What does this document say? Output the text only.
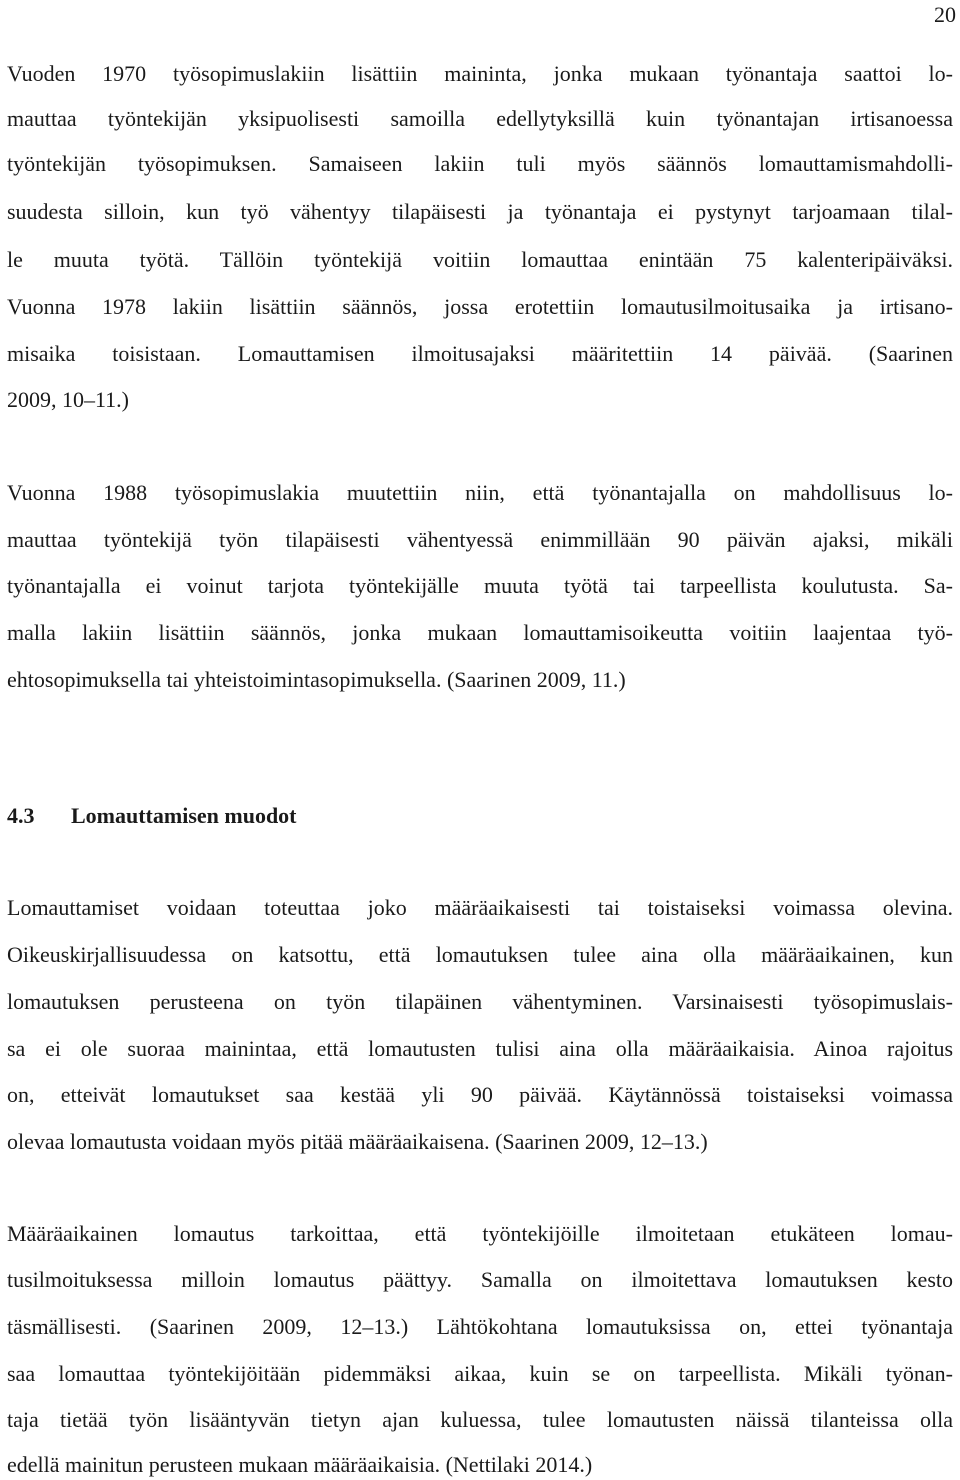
20
Vuoden 1970 työsopimuslakiin lisättiin maininta, jonka mukaan työnantaja saattoi lo-
mauttaa työntekijän yksipuolisesti samoilla edellytyksillä kuin työnantajan irtisanoessa
työntekijän työsopimuksen. Samaiseen lakiin tuli myös säännös lomauttamismahdolli-
suudesta silloin, kun työ vähentyy tilapäisesti ja työnantaja ei pystynyt tarjoamaan tilal-
le muuta työtä. Tällöin työntekijä voitiin lomauttaa enintään 75 kalenteripäiväksi.
Vuonna 1978 lakiin lisättiin säännös, jossa erotettiin lomautusilmoitusaika ja irtisano-
misaika toisistaan. Lomauttamisen ilmoitusajaksi määritettiin 14 päivää. (Saarinen
2009, 10–11.)
Vuonna 1988 työsopimuslakia muutettiin niin, että työnantajalla on mahdollisuus lo-
mauttaa työntekijä työn tilapäisesti vähentyessä enimmillään 90 päivän ajaksi, mikäli
työnantajalla ei voinut tarjota työntekijälle muuta työtä tai tarpeellista koulutusta. Sa-
malla lakiin lisättiin säännös, jonka mukaan lomauttamisoikeutta voitiin laajentaa työ-
ehtosopimuksella tai yhteistoimintasopimuksella. (Saarinen 2009, 11.)
4.3 Lomauttamisen muodot
Lomauttamiset voidaan toteuttaa joko määräaikaisesti tai toistaiseksi voimassa olevina.
Oikeuskirjallisuudessa on katsottu, että lomautuksen tulee aina olla määräaikainen, kun
lomautuksen perusteena on työn tilapäinen vähentyminen. Varsinaisesti työsopimuslais-
sa ei ole suoraa mainintaa, että lomautusten tulisi aina olla määräaikaisia. Ainoa rajoitus
on, etteivät lomautukset saa kestää yli 90 päivää. Käytännössä toistaiseksi voimassa
olevaa lomautusta voidaan myös pitää määräaikaisena. (Saarinen 2009, 12–13.)
Määräaikainen lomautus tarkoittaa, että työntekijöille ilmoitetaan etukäteen lomau-
tusilmoituksessa milloin lomautus päättyy. Samalla on ilmoitettava lomautuksen kesto
täsmällisesti. (Saarinen 2009, 12–13.) Lähtökohtana lomautuksissa on, ettei työnantaja
saa lomauttaa työntekijöitään pidemmäksi aikaa, kuin se on tarpeellista. Mikäli työnan-
taja tietää työn lisääntyvän tietyn ajan kuluessa, tulee lomautusten näissä tilanteissa olla
edellä mainitun perusteen mukaan määräaikaisia. (Nettilaki 2014.)
